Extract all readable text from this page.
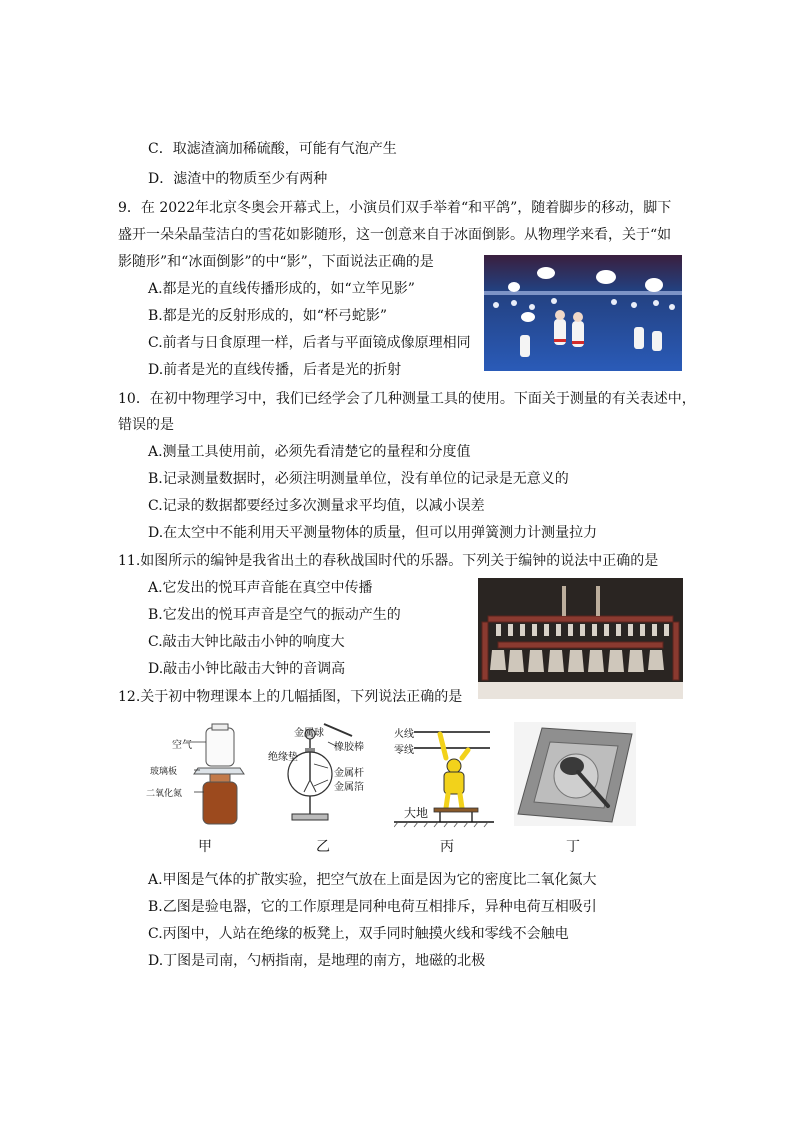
C．取滤渣滴加稀硫酸，可能有气泡产生
D．滤渣中的物质至少有两种
9．在 2022年北京冬奥会开幕式上，小演员们双手举着“和平鸽”，随着脚步的移动，脚下
盛开一朵朵晶莹洁白的雪花如影随形，这一创意来自于冰面倒影。从物理学来看，关于“如
影随形”和“冰面倒影”的中“影”，下面说法正确的是
A.都是光的直线传播形成的，如“立竿见影”
B.都是光的反射形成的，如“杯弓蛇影”
C.前者与日食原理一样，后者与平面镜成像原理相同
D.前者是光的直线传播，后者是光的折射
10．在初中物理学习中，我们已经学会了几种测量工具的使用。下面关于测量的有关表述中，
错误的是
A.测量工具使用前，必须先看清楚它的量程和分度值
B.记录测量数据时，必须注明测量单位，没有单位的记录是无意义的
C.记录的数据都要经过多次测量求平均值，以减小误差
D.在太空中不能利用天平测量物体的质量，但可以用弹簧测力计测量拉力
11.如图所示的编钟是我省出土的春秋战国时代的乐器。下列关于编钟的说法中正确的是
A.它发出的悦耳声音能在真空中传播
B.它发出的悦耳声音是空气的振动产生的
C.敲击大钟比敲击小钟的响度大
D.敲击小钟比敲击大钟的音调高
12.关于初中物理课本上的几幅插图，下列说法正确的是
A.甲图是气体的扩散实验，把空气放在上面是因为它的密度比二氧化氮大
B.乙图是验电器，它的工作原理是同种电荷互相排斥，异种电荷互相吸引
C.丙图中，人站在绝缘的板凳上，双手同时触摸火线和零线不会触电
D.丁图是司南，勺柄指南，是地理的南方，地磁的北极
空气
玻璃板
二氧化氮
金属球
橡胶棒
绝缘垫
金属杆
金属箔
火线
零线
大地
甲	乙	丙	丁
